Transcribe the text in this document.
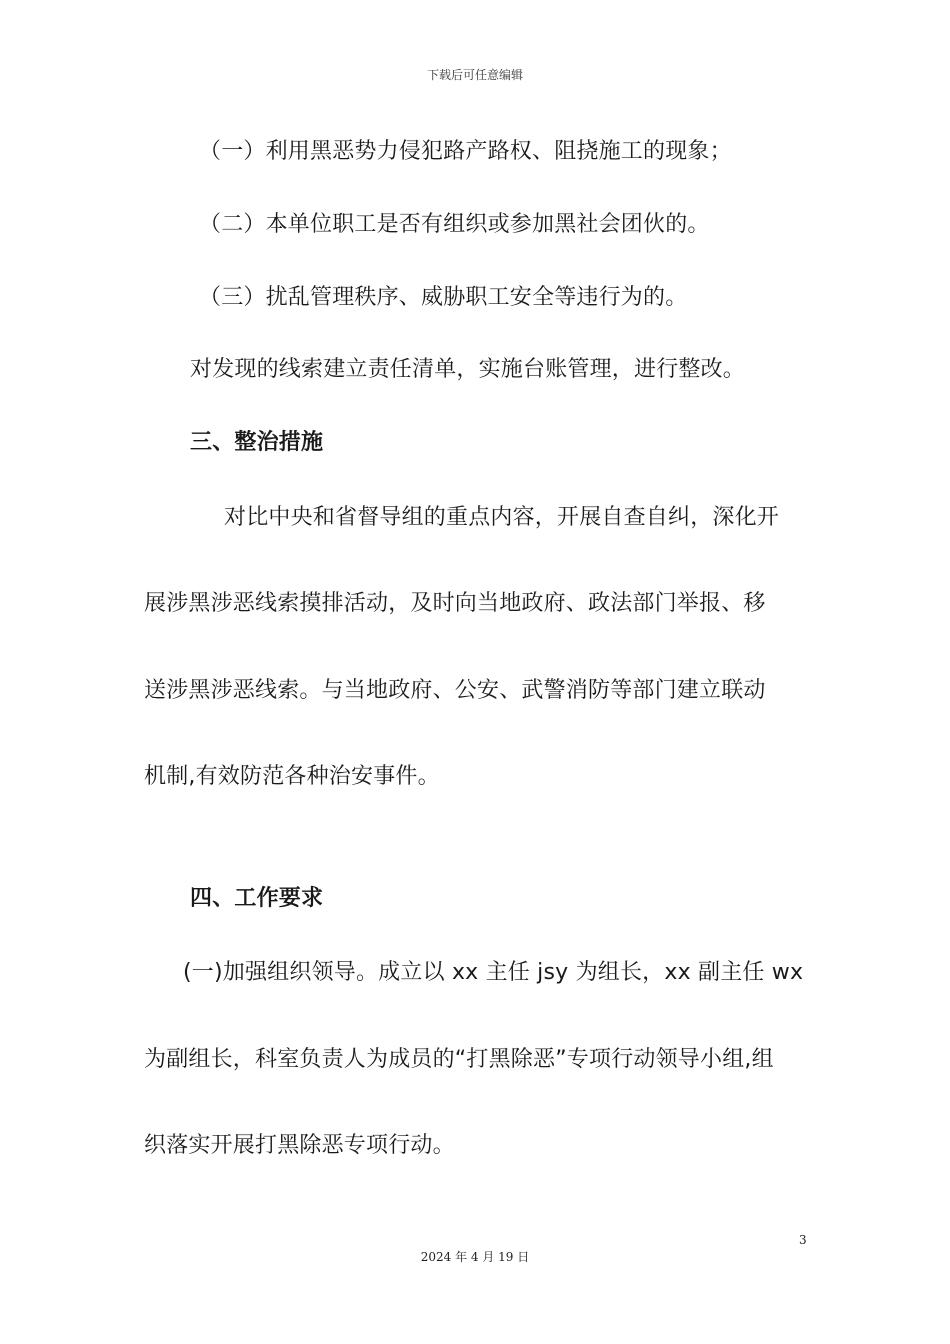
下载后可任意编辑
（一）利用黑恶势力侵犯路产路权、阻挠施工的现象；
（二）本单位职工是否有组织或参加黑社会团伙的。
（三）扰乱管理秩序、威胁职工安全等违行为的。
对发现的线索建立责任清单，实施台账管理，进行整改。
三、整治措施
对比中央和省督导组的重点内容，开展自查自纠，深化开
展涉黑涉恶线索摸排活动，及时向当地政府、政法部门举报、移
送涉黑涉恶线索。与当地政府、公安、武警消防等部门建立联动
机制,有效防范各种治安事件。
四、工作要求
(一)加强组织领导。成立以 xx 主任 jsy 为组长，xx 副主任 wx
为副组长，科室负责人为成员的“打黑除恶”专项行动领导小组,组
织落实开展打黑除恶专项行动。
3
2024 年 4 月 19 日
